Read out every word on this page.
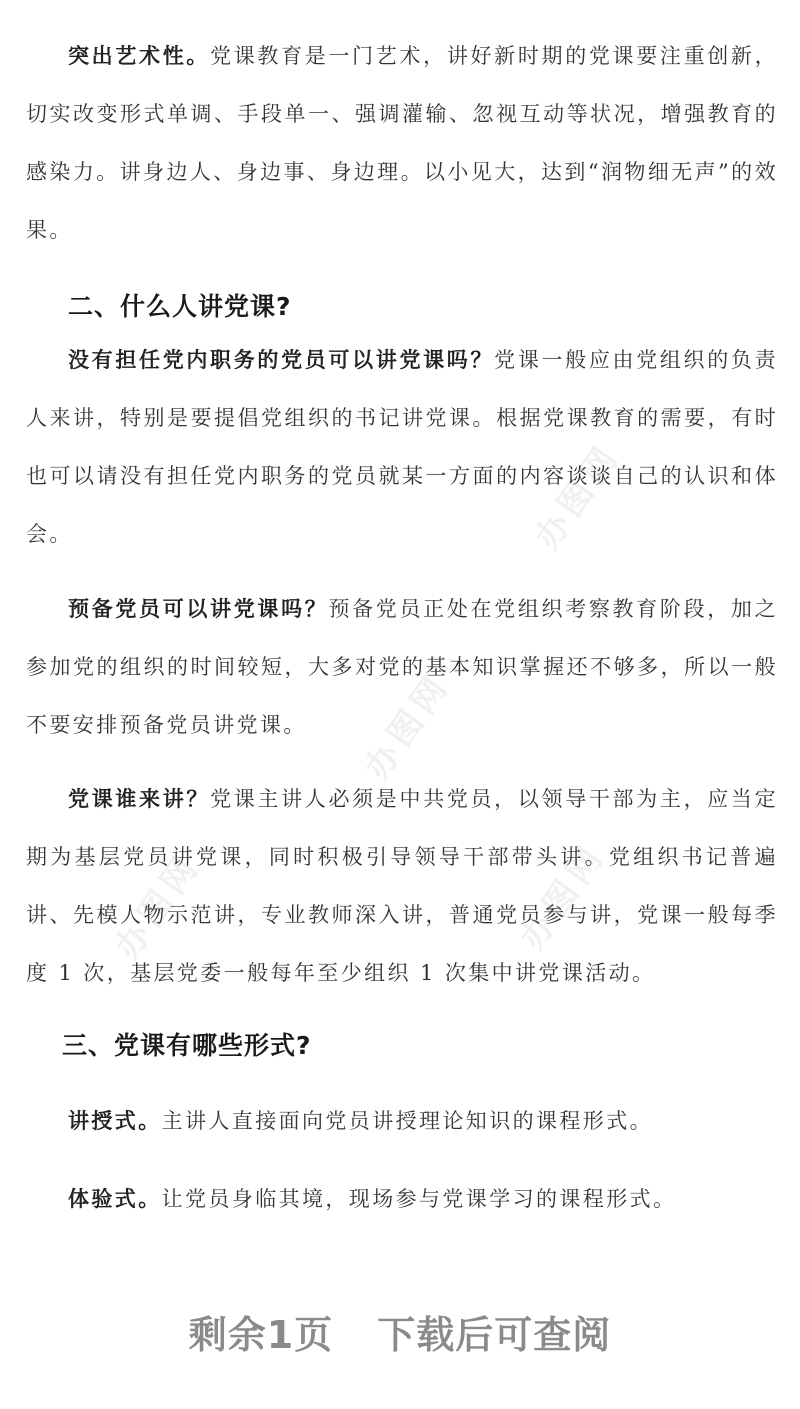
办图网
办图网
办图网
办图网

突出艺术性。党课教育是一门艺术，讲好新时期的党课要注重创新，切实改变形式单调、手段单一、强调灌输、忽视互动等状况，增强教育的感染力。讲身边人、身边事、身边理。以小见大，达到“润物细无声”的效果。

二、什么人讲党课?

没有担任党内职务的党员可以讲党课吗？党课一般应由党组织的负责人来讲，特别是要提倡党组织的书记讲党课。根据党课教育的需要，有时也可以请没有担任党内职务的党员就某一方面的内容谈谈自己的认识和体会。

预备党员可以讲党课吗？预备党员正处在党组织考察教育阶段，加之参加党的组织的时间较短，大多对党的基本知识掌握还不够多，所以一般不要安排预备党员讲党课。

党课谁来讲？党课主讲人必须是中共党员，以领导干部为主，应当定期为基层党员讲党课，同时积极引导领导干部带头讲。党组织书记普遍讲、先模人物示范讲，专业教师深入讲，普通党员参与讲，党课一般每季度 1 次，基层党委一般每年至少组织 1 次集中讲党课活动。

三、党课有哪些形式?

讲授式。主讲人直接面向党员讲授理论知识的课程形式。

体验式。让党员身临其境，现场参与党课学习的课程形式。

剩余1页 下载后可查阅
